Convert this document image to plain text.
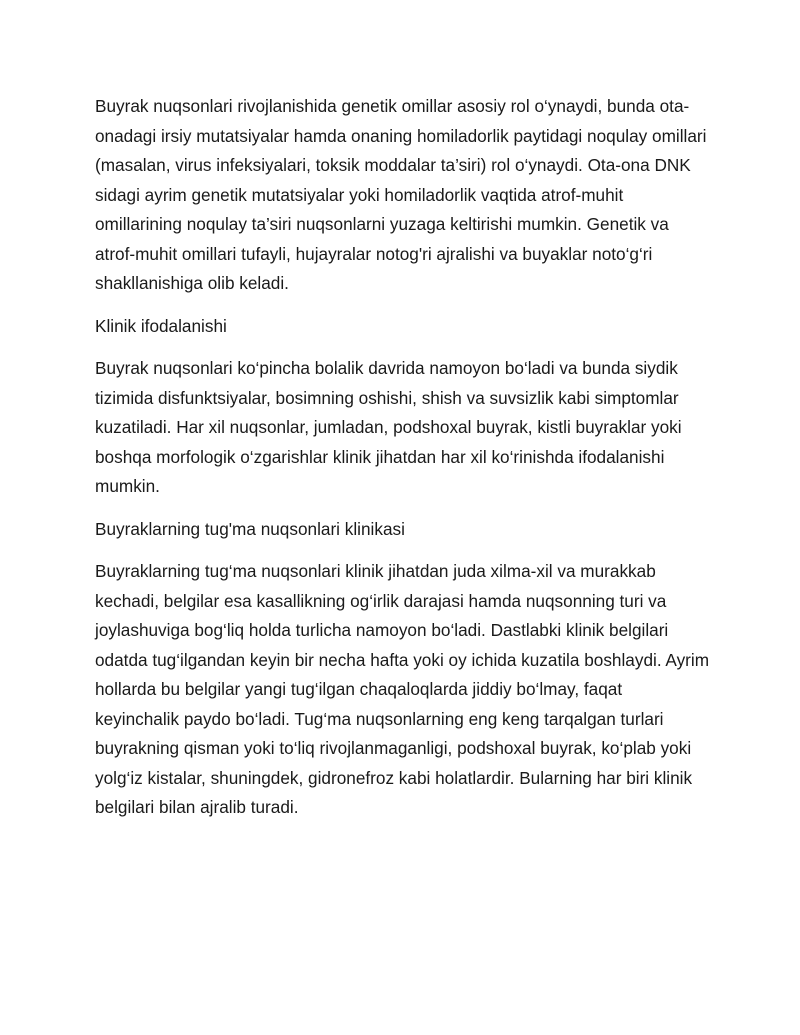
Buyrak nuqsonlari rivojlanishida genetik omillar asosiy rol o‘ynaydi, bunda ota-onadagi irsiy mutatsiyalar hamda onaning homiladorlik paytidagi noqulay omillari (masalan, virus infeksiyalari, toksik moddalar ta’siri) rol o‘ynaydi. Ota-ona DNK sidagi ayrim genetik mutatsiyalar yoki homiladorlik vaqtida atrof-muhit omillarining noqulay ta’siri nuqsonlarni yuzaga keltirishi mumkin. Genetik va atrof-muhit omillari tufayli, hujayralar notog'ri ajralishi va buyaklar noto‘g‘ri shakllanishiga olib keladi.

Klinik ifodalanishi

Buyrak nuqsonlari ko‘pincha bolalik davrida namoyon bo‘ladi va bunda siydik tizimida disfunktsiyalar, bosimning oshishi, shish va suvsizlik kabi simptomlar kuzatiladi. Har xil nuqsonlar, jumladan, podshoxal buyrak, kistli buyraklar yoki boshqa morfologik o‘zgarishlar klinik jihatdan har xil ko‘rinishda ifodalanishi mumkin.

Buyraklarning tug'ma nuqsonlari klinikasi

Buyraklarning tug‘ma nuqsonlari klinik jihatdan juda xilma-xil va murakkab kechadi, belgilar esa kasallikning og‘irlik darajasi hamda nuqsonning turi va joylashuviga bog‘liq holda turlicha namoyon bo‘ladi. Dastlabki klinik belgilari odatda tug‘ilgandan keyin bir necha hafta yoki oy ichida kuzatila boshlaydi. Ayrim hollarda bu belgilar yangi tug‘ilgan chaqaloqlarda jiddiy bo‘lmay, faqat keyinchalik paydo bo‘ladi. Tug‘ma nuqsonlarning eng keng tarqalgan turlari buyrakning qisman yoki to‘liq rivojlanmaganligi, podshoxal buyrak, ko‘plab yoki yolg‘iz kistalar, shuningdek, gidronefroz kabi holatlardir. Bularning har biri klinik belgilari bilan ajralib turadi.
